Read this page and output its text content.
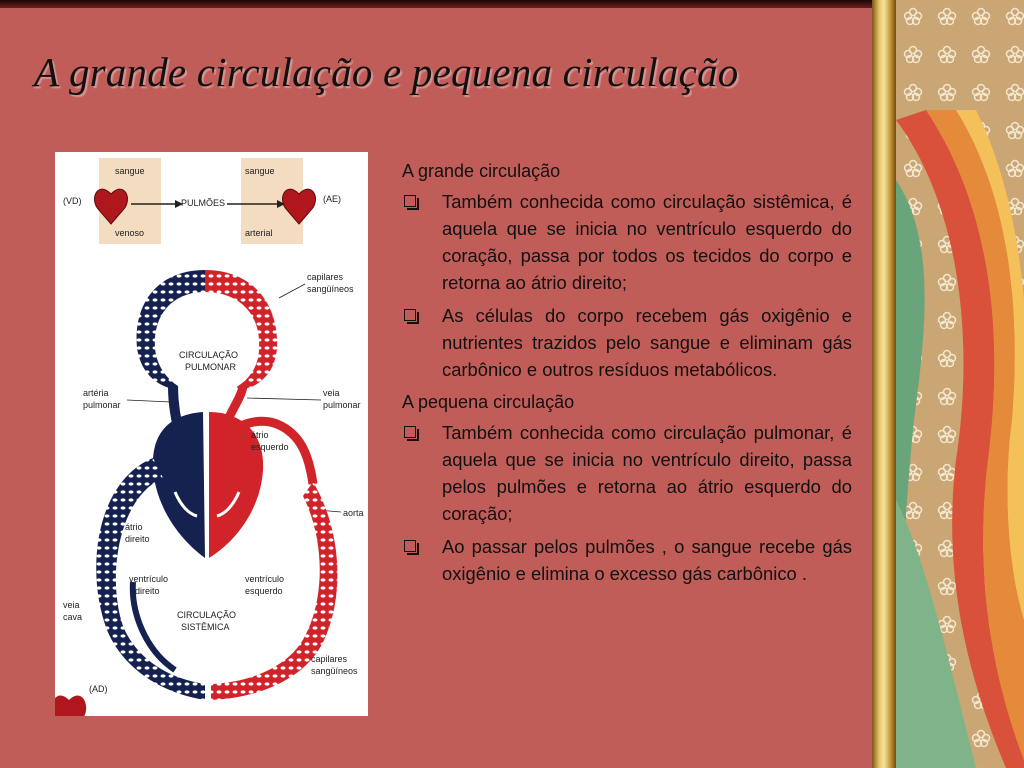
A grande circulação e pequena circulação
sangue
venoso
sangue
arterial
(VD)	(AE)
PULMÕES
CIRCULAÇÃO
PULMONAR
capilares
sangüíneos
artéria
pulmonar
veia
pulmonar
átrio
esquerdo
aorta
átrio
direito
ventrículo
direito
ventrículo
esquerdo
veia
cava	CIRCULAÇÃO
SISTÊMICA
capilares
sangüíneos
(AD)

A grande circulação

Também conhecida como circulação sistêmica, é aquela que se inicia no ventrículo esquerdo do coração, passa por todos os tecidos do corpo e retorna ao átrio direito;
As células do corpo recebem gás oxigênio e nutrientes trazidos pelo sangue e eliminam gás carbônico e outros resíduos metabólicos.

A pequena circulação

Também conhecida como circulação pulmonar, é aquela que se inicia no ventrículo direito, passa pelos pulmões e retorna ao átrio esquerdo do coração;
Ao passar pelos pulmões , o sangue recebe gás oxigênio e elimina o excesso gás carbônico .
